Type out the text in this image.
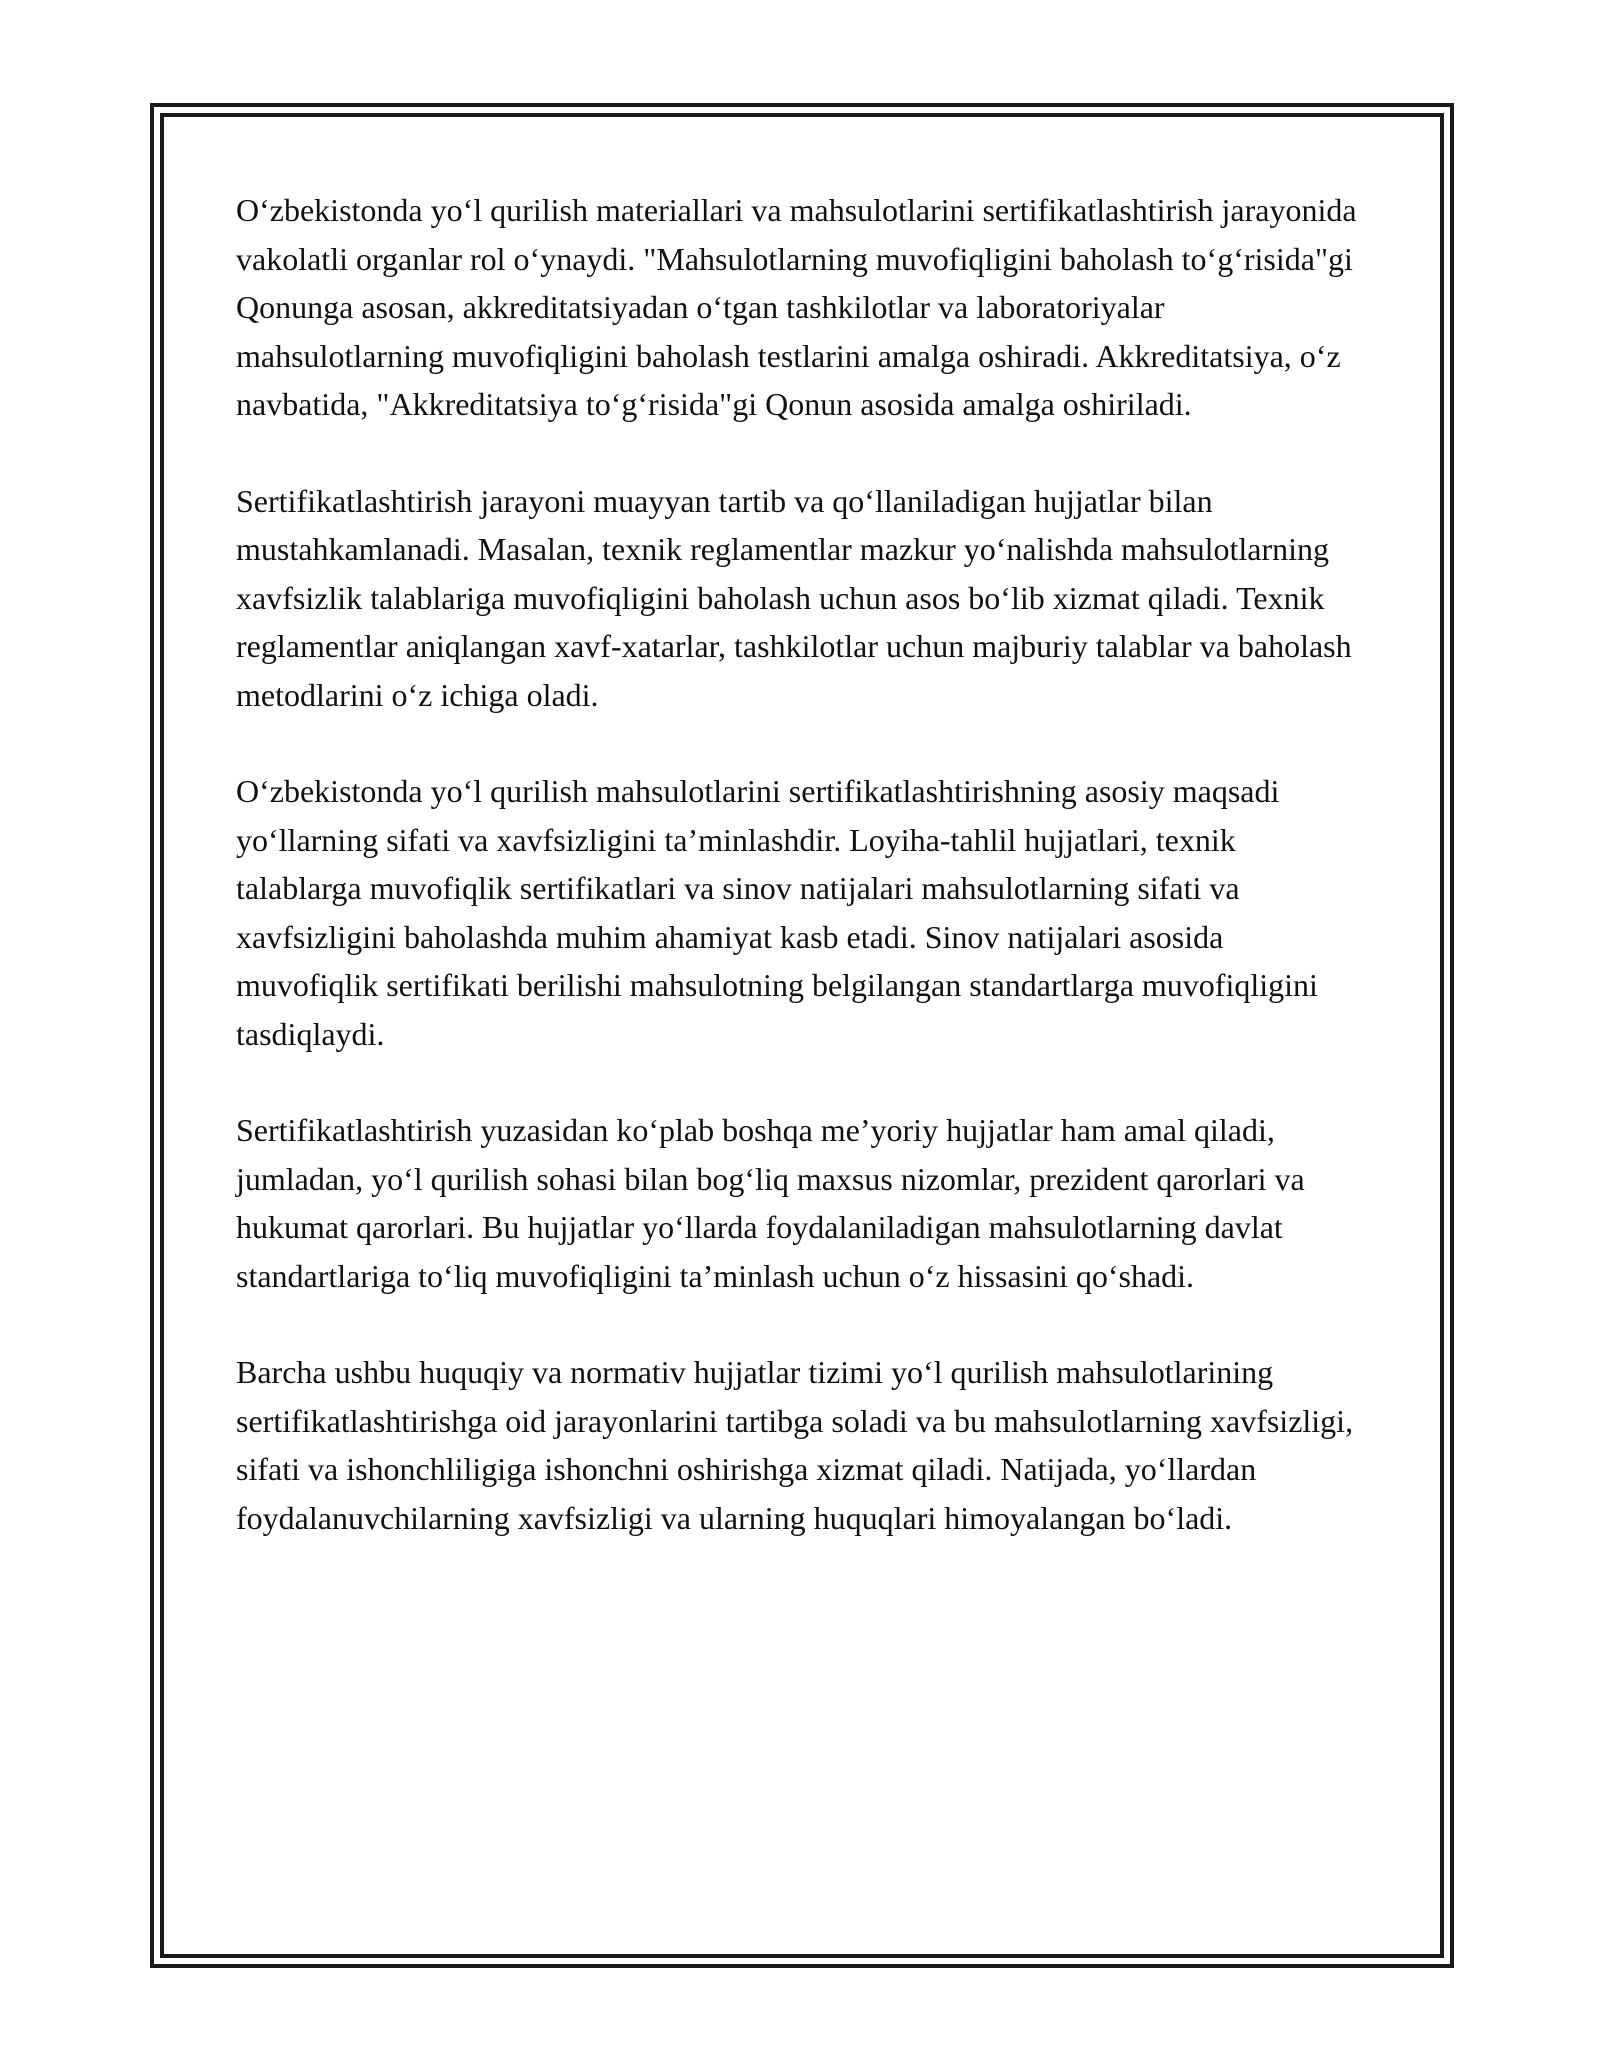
Oʻzbekistonda yoʻl qurilish materiallari va mahsulotlarini sertifikatlashtirish jarayonida vakolatli organlar rol oʻynaydi. "Mahsulotlarning muvofiqligini baholash toʻgʻrisida"gi Qonunga asosan, akkreditatsiyadan oʻtgan tashkilotlar va laboratoriyalar mahsulotlarning muvofiqligini baholash testlarini amalga oshiradi. Akkreditatsiya, oʻz navbatida, "Akkreditatsiya toʻgʻrisida"gi Qonun asosida amalga oshiriladi.

Sertifikatlashtirish jarayoni muayyan tartib va qoʻllaniladigan hujjatlar bilan mustahkamlanadi. Masalan, texnik reglamentlar mazkur yoʻnalishda mahsulotlarning xavfsizlik talablariga muvofiqligini baholash uchun asos boʻlib xizmat qiladi. Texnik reglamentlar aniqlangan xavf-xatarlar, tashkilotlar uchun majburiy talablar va baholash metodlarini oʻz ichiga oladi.

Oʻzbekistonda yoʻl qurilish mahsulotlarini sertifikatlashtirishning asosiy maqsadi yoʻllarning sifati va xavfsizligini ta’minlashdir. Loyiha-tahlil hujjatlari, texnik talablarga muvofiqlik sertifikatlari va sinov natijalari mahsulotlarning sifati va xavfsizligini baholashda muhim ahamiyat kasb etadi. Sinov natijalari asosida muvofiqlik sertifikati berilishi mahsulotning belgilangan standartlarga muvofiqligini tasdiqlaydi.

Sertifikatlashtirish yuzasidan koʻplab boshqa me’yoriy hujjatlar ham amal qiladi, jumladan, yoʻl qurilish sohasi bilan bogʻliq maxsus nizomlar, prezident qarorlari va hukumat qarorlari. Bu hujjatlar yoʻllarda foydalaniladigan mahsulotlarning davlat standartlariga toʻliq muvofiqligini ta’minlash uchun oʻz hissasini qoʻshadi.

Barcha ushbu huquqiy va normativ hujjatlar tizimi yoʻl qurilish mahsulotlarining sertifikatlashtirishga oid jarayonlarini tartibga soladi va bu mahsulotlarning xavfsizligi, sifati va ishonchliligiga ishonchni oshirishga xizmat qiladi. Natijada, yoʻllardan foydalanuvchilarning xavfsizligi va ularning huquqlari himoyalangan boʻladi.
